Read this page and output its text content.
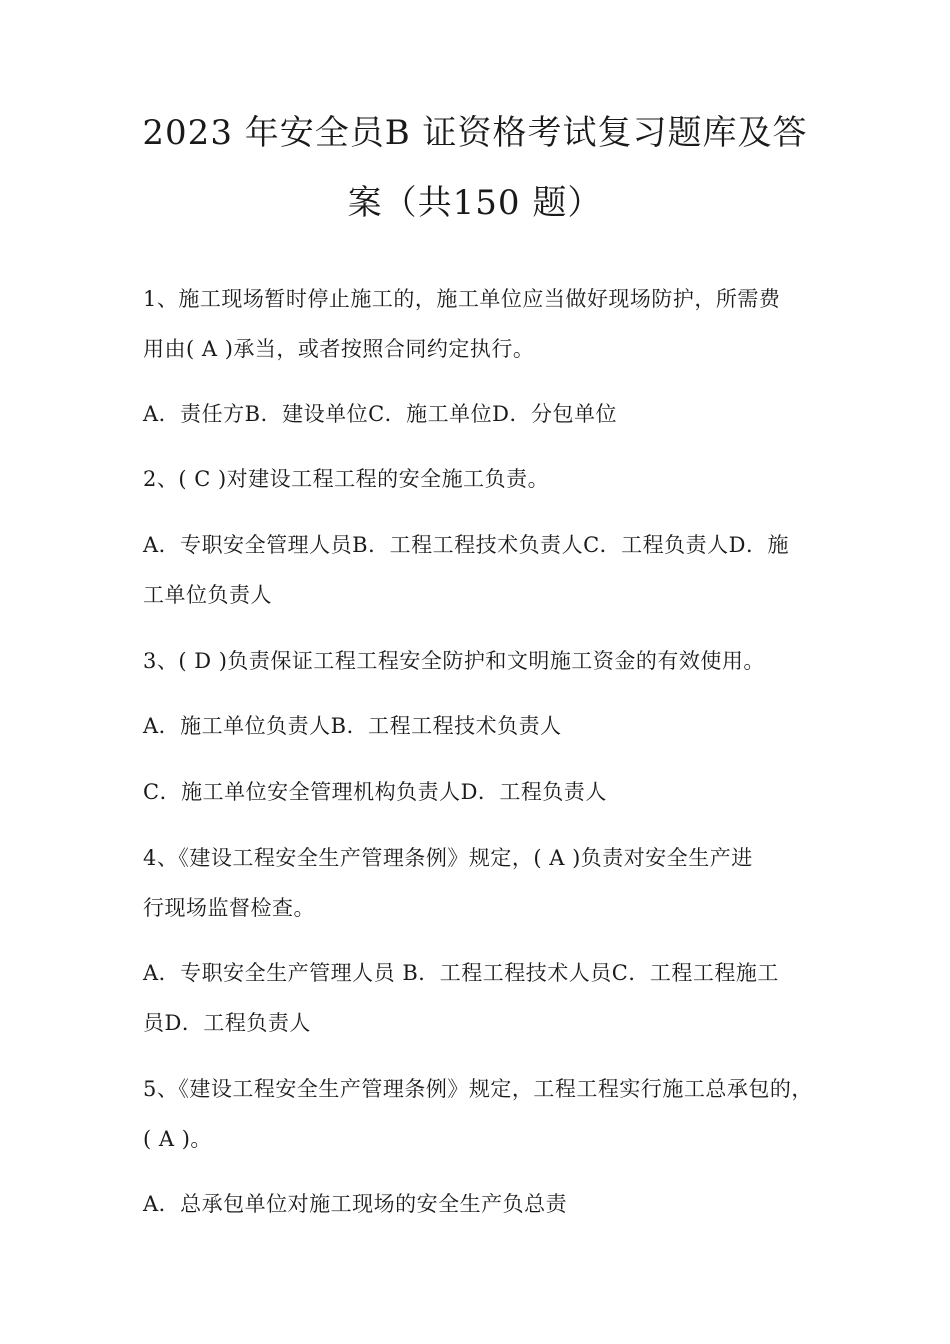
2023 年安全员B 证资格考试复习题库及答
案（共150 题）
1、施工现场暂时停止施工的，施工单位应当做好现场防护，所需费
用由( A )承当，或者按照合同约定执行。
A．责任方B．建设单位C．施工单位D．分包单位
2、( C )对建设工程工程的安全施工负责。
A．专职安全管理人员B．工程工程技术负责人C．工程负责人D．施
工单位负责人
3、( D )负责保证工程工程安全防护和文明施工资金的有效使用。
A．施工单位负责人B．工程工程技术负责人
C．施工单位安全管理机构负责人D．工程负责人
4、《建设工程安全生产管理条例》规定，( A )负责对安全生产进
行现场监督检查。
A．专职安全生产管理人员 B．工程工程技术人员C．工程工程施工
员D．工程负责人
5、《建设工程安全生产管理条例》规定，工程工程实行施工总承包的，
( A )。
A．总承包单位对施工现场的安全生产负总责
